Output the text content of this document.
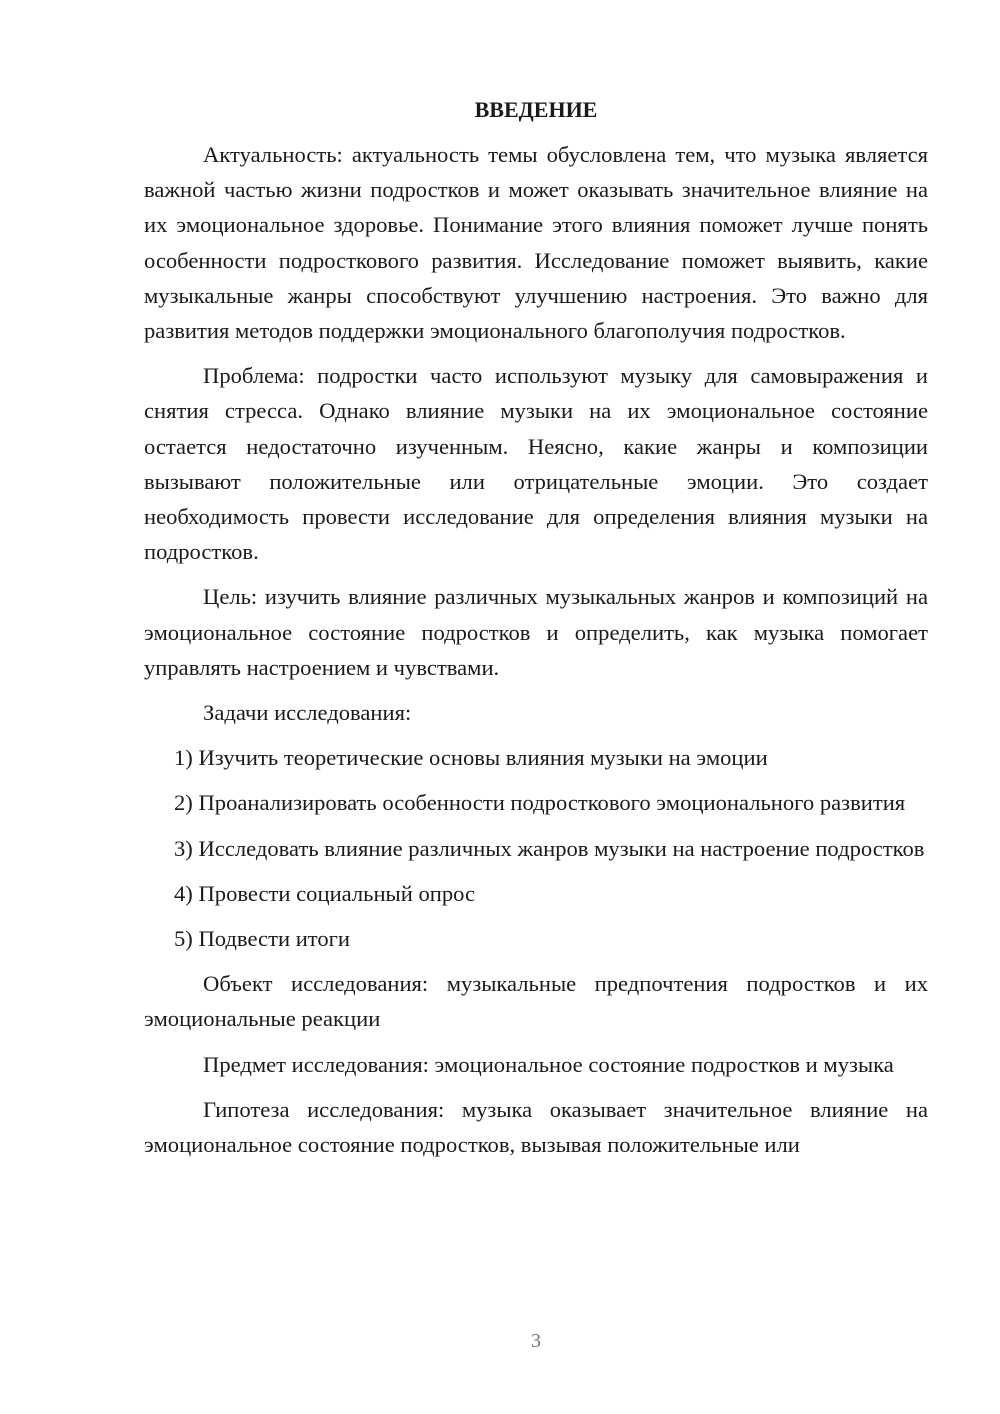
ВВЕДЕНИЕ

Актуальность: актуальность темы обусловлена тем, что музыка является важной частью жизни подростков и может оказывать значительное влияние на их эмоциональное здоровье. Понимание этого влияния поможет лучше понять особенности подросткового развития. Исследование поможет выявить, какие музыкальные жанры способствуют улучшению настроения. Это важно для развития методов поддержки эмоционального благополучия подростков.

Проблема: подростки часто используют музыку для самовыражения и снятия стресса. Однако влияние музыки на их эмоциональное состояние остается недостаточно изученным. Неясно, какие жанры и композиции вызывают положительные или отрицательные эмоции. Это создает необходимость провести исследование для определения влияния музыки на подростков.

Цель: изучить влияние различных музыкальных жанров и композиций на эмоциональное состояние подростков и определить, как музыка помогает управлять настроением и чувствами.

Задачи исследования:

1) Изучить теоретические основы влияния музыки на эмоции

2) Проанализировать особенности подросткового эмоционального развития

3) Исследовать влияние различных жанров музыки на настроение подростков

4) Провести социальный опрос

5) Подвести итоги

Объект исследования: музыкальные предпочтения подростков и их эмоциональные реакции

Предмет исследования: эмоциональное состояние подростков и музыка

Гипотеза исследования: музыка оказывает значительное влияние на эмоциональное состояние подростков, вызывая положительные или

3
